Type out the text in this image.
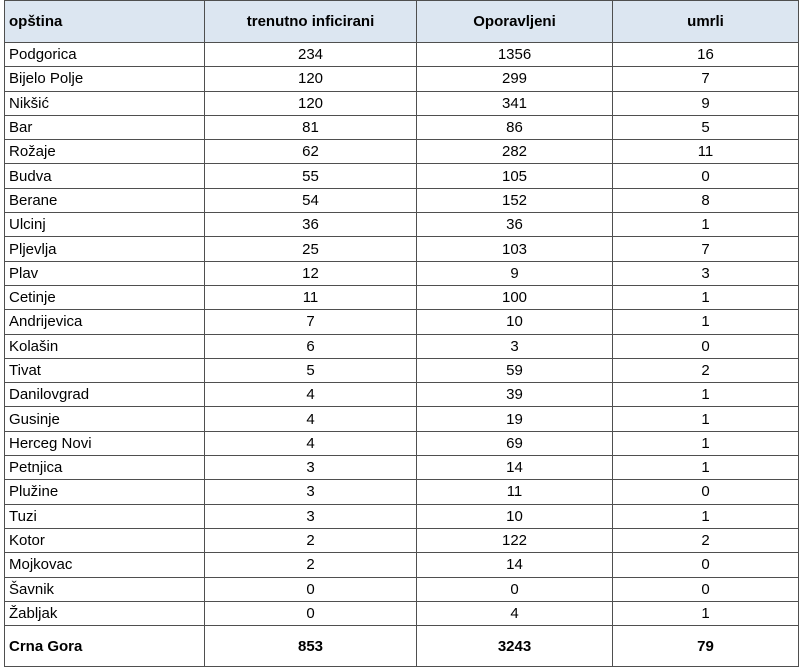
opština	trenutno inficirani	Oporavljeni	umrli
Podgorica	234	1356	16
Bijelo Polje	120	299	7
Nikšić	120	341	9
Bar	81	86	5
Rožaje	62	282	11
Budva	55	105	0
Berane	54	152	8
Ulcinj	36	36	1
Pljevlja	25	103	7
Plav	12	9	3
Cetinje	11	100	1
Andrijevica	7	10	1
Kolašin	6	3	0
Tivat	5	59	2
Danilovgrad	4	39	1
Gusinje	4	19	1
Herceg Novi	4	69	1
Petnjica	3	14	1
Plužine	3	11	0
Tuzi	3	10	1
Kotor	2	122	2
Mojkovac	2	14	0
Šavnik	0	0	0
Žabljak	0	4	1
Crna Gora	853	3243	79
